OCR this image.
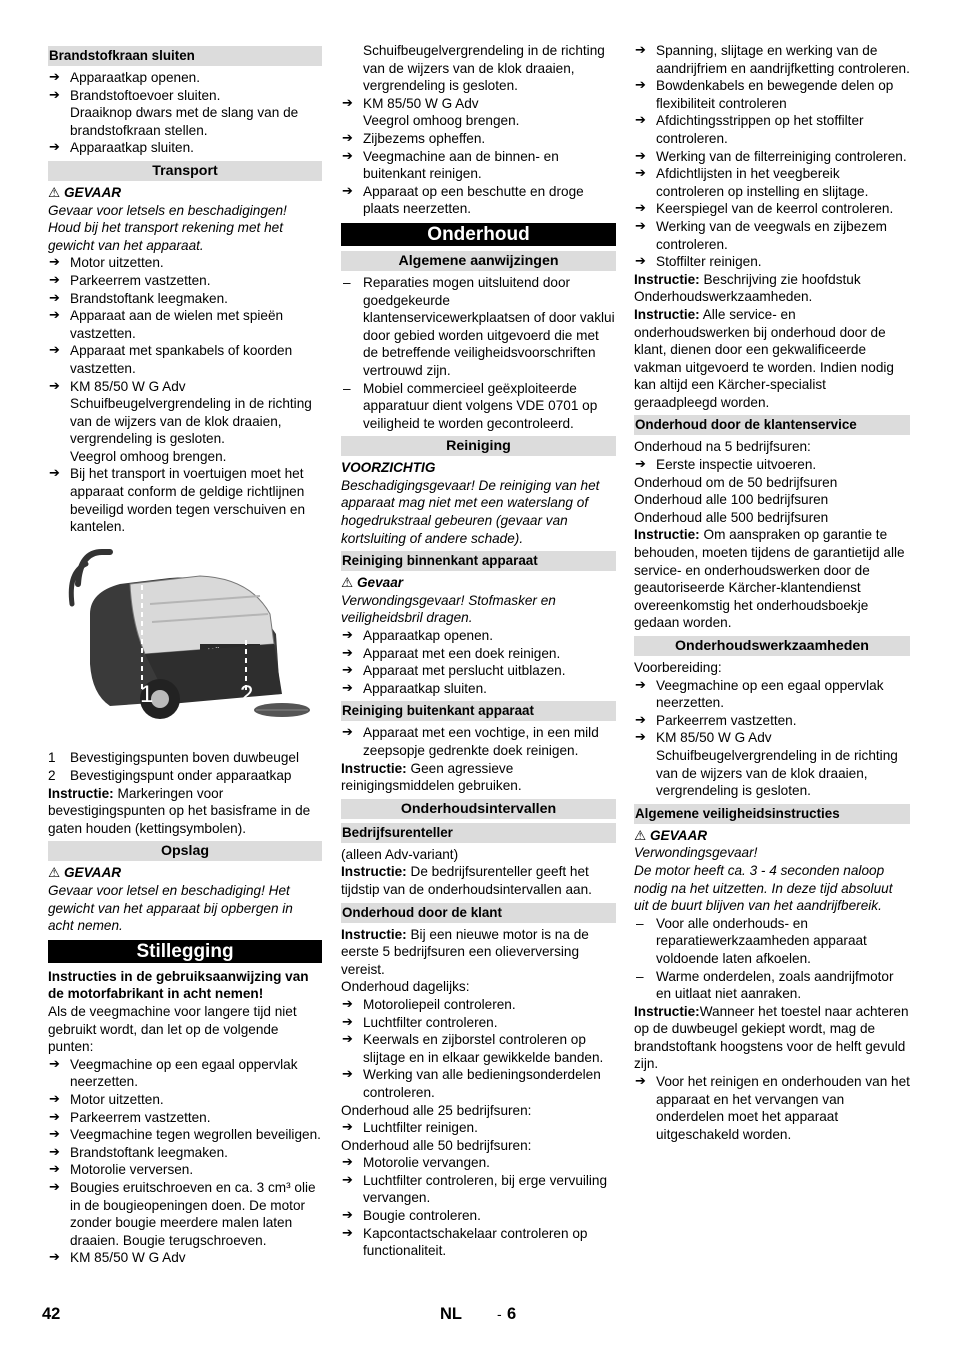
Brandstofkraan sluiten
➔ Apparaatkap openen.
➔ Brandstoftoevoer sluiten.
Draaiknop dwars met de slang van de brandstofkraan stellen.
➔ Apparaatkap sluiten.
Transport
⚠ GEVAAR
Gevaar voor letsels en beschadigingen! Houd bij het transport rekening met het gewicht van het apparaat.
➔ Motor uitzetten.
➔ Parkeerrem vastzetten.
➔ Brandstoftank leegmaken.
➔ Apparaat aan de wielen met spieën vastzetten.
➔ Apparaat met spankabels of koorden vastzetten.
➔ KM 85/50 W G Adv
Schuifbeugelvergrendeling in de richting van de wijzers van de klok draaien, vergrendeling is gesloten.
Veegrol omhoog brengen.
➔ Bij het transport in voertuigen moet het apparaat conform de geldige richtlijnen beveiligd worden tegen verschuiven en kantelen.
1	2
1 Bevestigingspunten boven duwbeugel
2 Bevestigingspunt onder apparaatkap
Instructie: Markeringen voor bevestigingspunten op het basisframe in de gaten houden (kettingsymbolen).
Opslag
⚠ GEVAAR
Gevaar voor letsel en beschadiging! Het gewicht van het apparaat bij opbergen in acht nemen.
Stillegging
Instructies in de gebruiksaanwijzing van de motorfabrikant in acht nemen!
Als de veegmachine voor langere tijd niet gebruikt wordt, dan let op de volgende punten:
➔ Veegmachine op een egaal oppervlak neerzetten.
➔ Motor uitzetten.
➔ Parkeerrem vastzetten.
➔ Veegmachine tegen wegrollen beveiligen.
➔ Brandstoftank leegmaken.
➔ Motorolie verversen.
➔ Bougies eruitschroeven en ca. 3 cm³ olie in de bougieopeningen doen. De motor zonder bougie meerdere malen laten draaien. Bougie terugschroeven.
➔ KM 85/50 W G Adv
Schuifbeugelvergrendeling in de richting van de wijzers van de klok draaien, vergrendeling is gesloten.
➔ KM 85/50 W G Adv
Veegrol omhoog brengen.
➔ Zijbezems opheffen.
➔ Veegmachine aan de binnen- en buitenkant reinigen.
➔ Apparaat op een beschutte en droge plaats neerzetten.
Onderhoud
Algemene aanwijzingen
– Reparaties mogen uitsluitend door goedgekeurde klantenservicewerkplaatsen of door vaklui door gebied worden uitgevoerd die met de betreffende veiligheidsvoorschriften vertrouwd zijn.
– Mobiel commercieel geëxploiteerde apparatuur dient volgens VDE 0701 op veiligheid te worden gecontroleerd.
Reiniging
VOORZICHTIG
Beschadigingsgevaar! De reiniging van het apparaat mag niet met een waterslang of hogedrukstraal gebeuren (gevaar van kortsluiting of andere schade).
Reiniging binnenkant apparaat
⚠ Gevaar
Verwondingsgevaar! Stofmasker en veiligheidsbril dragen.
➔ Apparaatkap openen.
➔ Apparaat met een doek reinigen.
➔ Apparaat met perslucht uitblazen.
➔ Apparaatkap sluiten.
Reiniging buitenkant apparaat
➔ Apparaat met een vochtige, in een mild zeepsopje gedrenkte doek reinigen.
Instructie: Geen agressieve reinigingsmiddelen gebruiken.
Onderhoudsintervallen
Bedrijfsurenteller
(alleen Adv-variant)
Instructie: De bedrijfsurenteller geeft het tijdstip van de onderhoudsintervallen aan.
Onderhoud door de klant
Instructie: Bij een nieuwe motor is na de eerste 5 bedrijfsuren een olieverversing vereist.
Onderhoud dagelijks:
➔ Motoroliepeil controleren.
➔ Luchtfilter controleren.
➔ Keerwals en zijborstel controleren op slijtage en in elkaar gewikkelde banden.
➔ Werking van alle bedieningsonderdelen controleren.
Onderhoud alle 25 bedrijfsuren:
➔ Luchtfilter reinigen.
Onderhoud alle 50 bedrijfsuren:
➔ Motorolie vervangen.
➔ Luchtfilter controleren, bij erge vervuiling vervangen.
➔ Bougie controleren.
➔ Kapcontactschakelaar controleren op functionaliteit.
➔ Spanning, slijtage en werking van de aandrijfriem en aandrijfketting controleren.
➔ Bowdenkabels en bewegende delen op flexibiliteit controleren
➔ Afdichtingsstrippen op het stoffilter controleren.
➔ Werking van de filterreiniging controleren.
➔ Afdichtlijsten in het veegbereik controleren op instelling en slijtage.
➔ Keerspiegel van de keerrol controleren.
➔ Werking van de veegwals en zijbezem controleren.
➔ Stoffilter reinigen.
Instructie: Beschrijving zie hoofdstuk Onderhoudswerkzaamheden.
Instructie: Alle service- en onderhoudswerken bij onderhoud door de klant, dienen door een gekwalificeerde vakman uitgevoerd te worden. Indien nodig kan altijd een Kärcher-specialist geraadpleegd worden.
Onderhoud door de klantenservice
Onderhoud na 5 bedrijfsuren:
➔ Eerste inspectie uitvoeren.
Onderhoud om de 50 bedrijfsuren
Onderhoud alle 100 bedrijfsuren
Onderhoud alle 500 bedrijfsuren
Instructie: Om aanspraken op garantie te behouden, moeten tijdens de garantietijd alle service- en onderhoudswerken door de geautoriseerde Kärcher-klantendienst overeenkomstig het onderhoudsboekje gedaan worden.
Onderhoudswerkzaamheden
Voorbereiding:
➔ Veegmachine op een egaal oppervlak neerzetten.
➔ Parkeerrem vastzetten.
➔ KM 85/50 W G Adv
Schuifbeugelvergrendeling in de richting van de wijzers van de klok draaien, vergrendeling is gesloten.
Algemene veiligheidsinstructies
⚠ GEVAAR
Verwondingsgevaar!
De motor heeft ca. 3 - 4 seconden naloop nodig na het uitzetten. In deze tijd absoluut uit de buurt blijven van het aandrijfbereik.
– Voor alle onderhouds- en reparatiewerkzaamheden apparaat voldoende laten afkoelen.
– Warme onderdelen, zoals aandrijfmotor en uitlaat niet aanraken.
Instructie:Wanneer het toestel naar achteren op de duwbeugel gekiept wordt, mag de brandstoftank hoogstens voor de helft gevuld zijn.
➔ Voor het reinigen en onderhouden van het apparaat en het vervangen van onderdelen moet het apparaat uitgeschakeld worden.
42	NL	- 6
